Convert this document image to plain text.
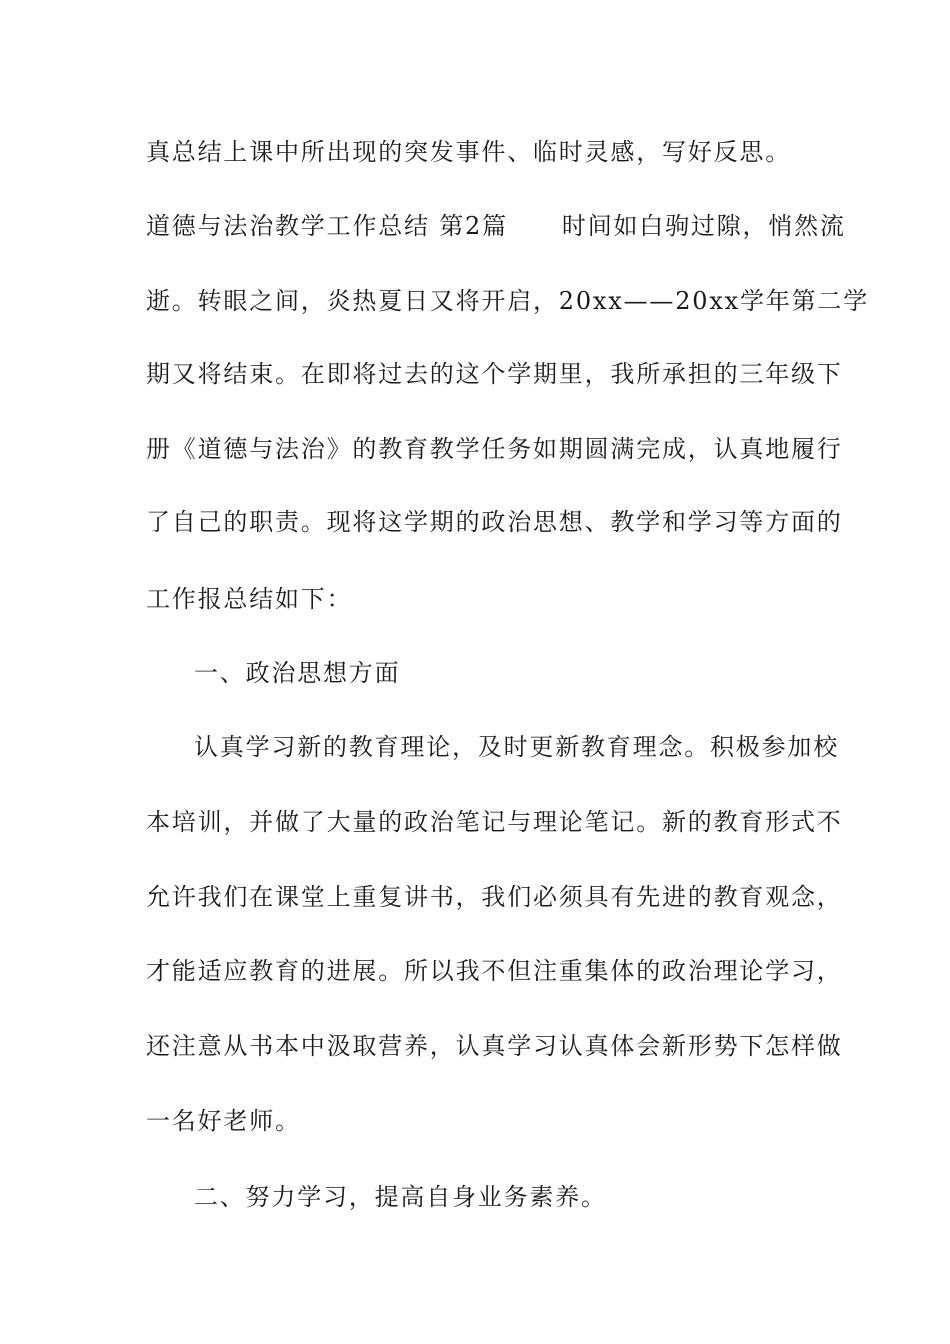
真总结上课中所出现的突发事件、临时灵感，写好反思。
道德与法治教学工作总结 第2篇 时间如白驹过隙，悄然流
逝。转眼之间，炎热夏日又将开启，20xx——20xx学年第二学
期又将结束。在即将过去的这个学期里，我所承担的三年级下
册《道德与法治》的教育教学任务如期圆满完成，认真地履行
了自己的职责。现将这学期的政治思想、教学和学习等方面的
工作报总结如下：
一、政治思想方面
认真学习新的教育理论，及时更新教育理念。积极参加校
本培训，并做了大量的政治笔记与理论笔记。新的教育形式不
允许我们在课堂上重复讲书，我们必须具有先进的教育观念，
才能适应教育的进展。所以我不但注重集体的政治理论学习，
还注意从书本中汲取营养，认真学习认真体会新形势下怎样做
一名好老师。
二、努力学习，提高自身业务素养。
